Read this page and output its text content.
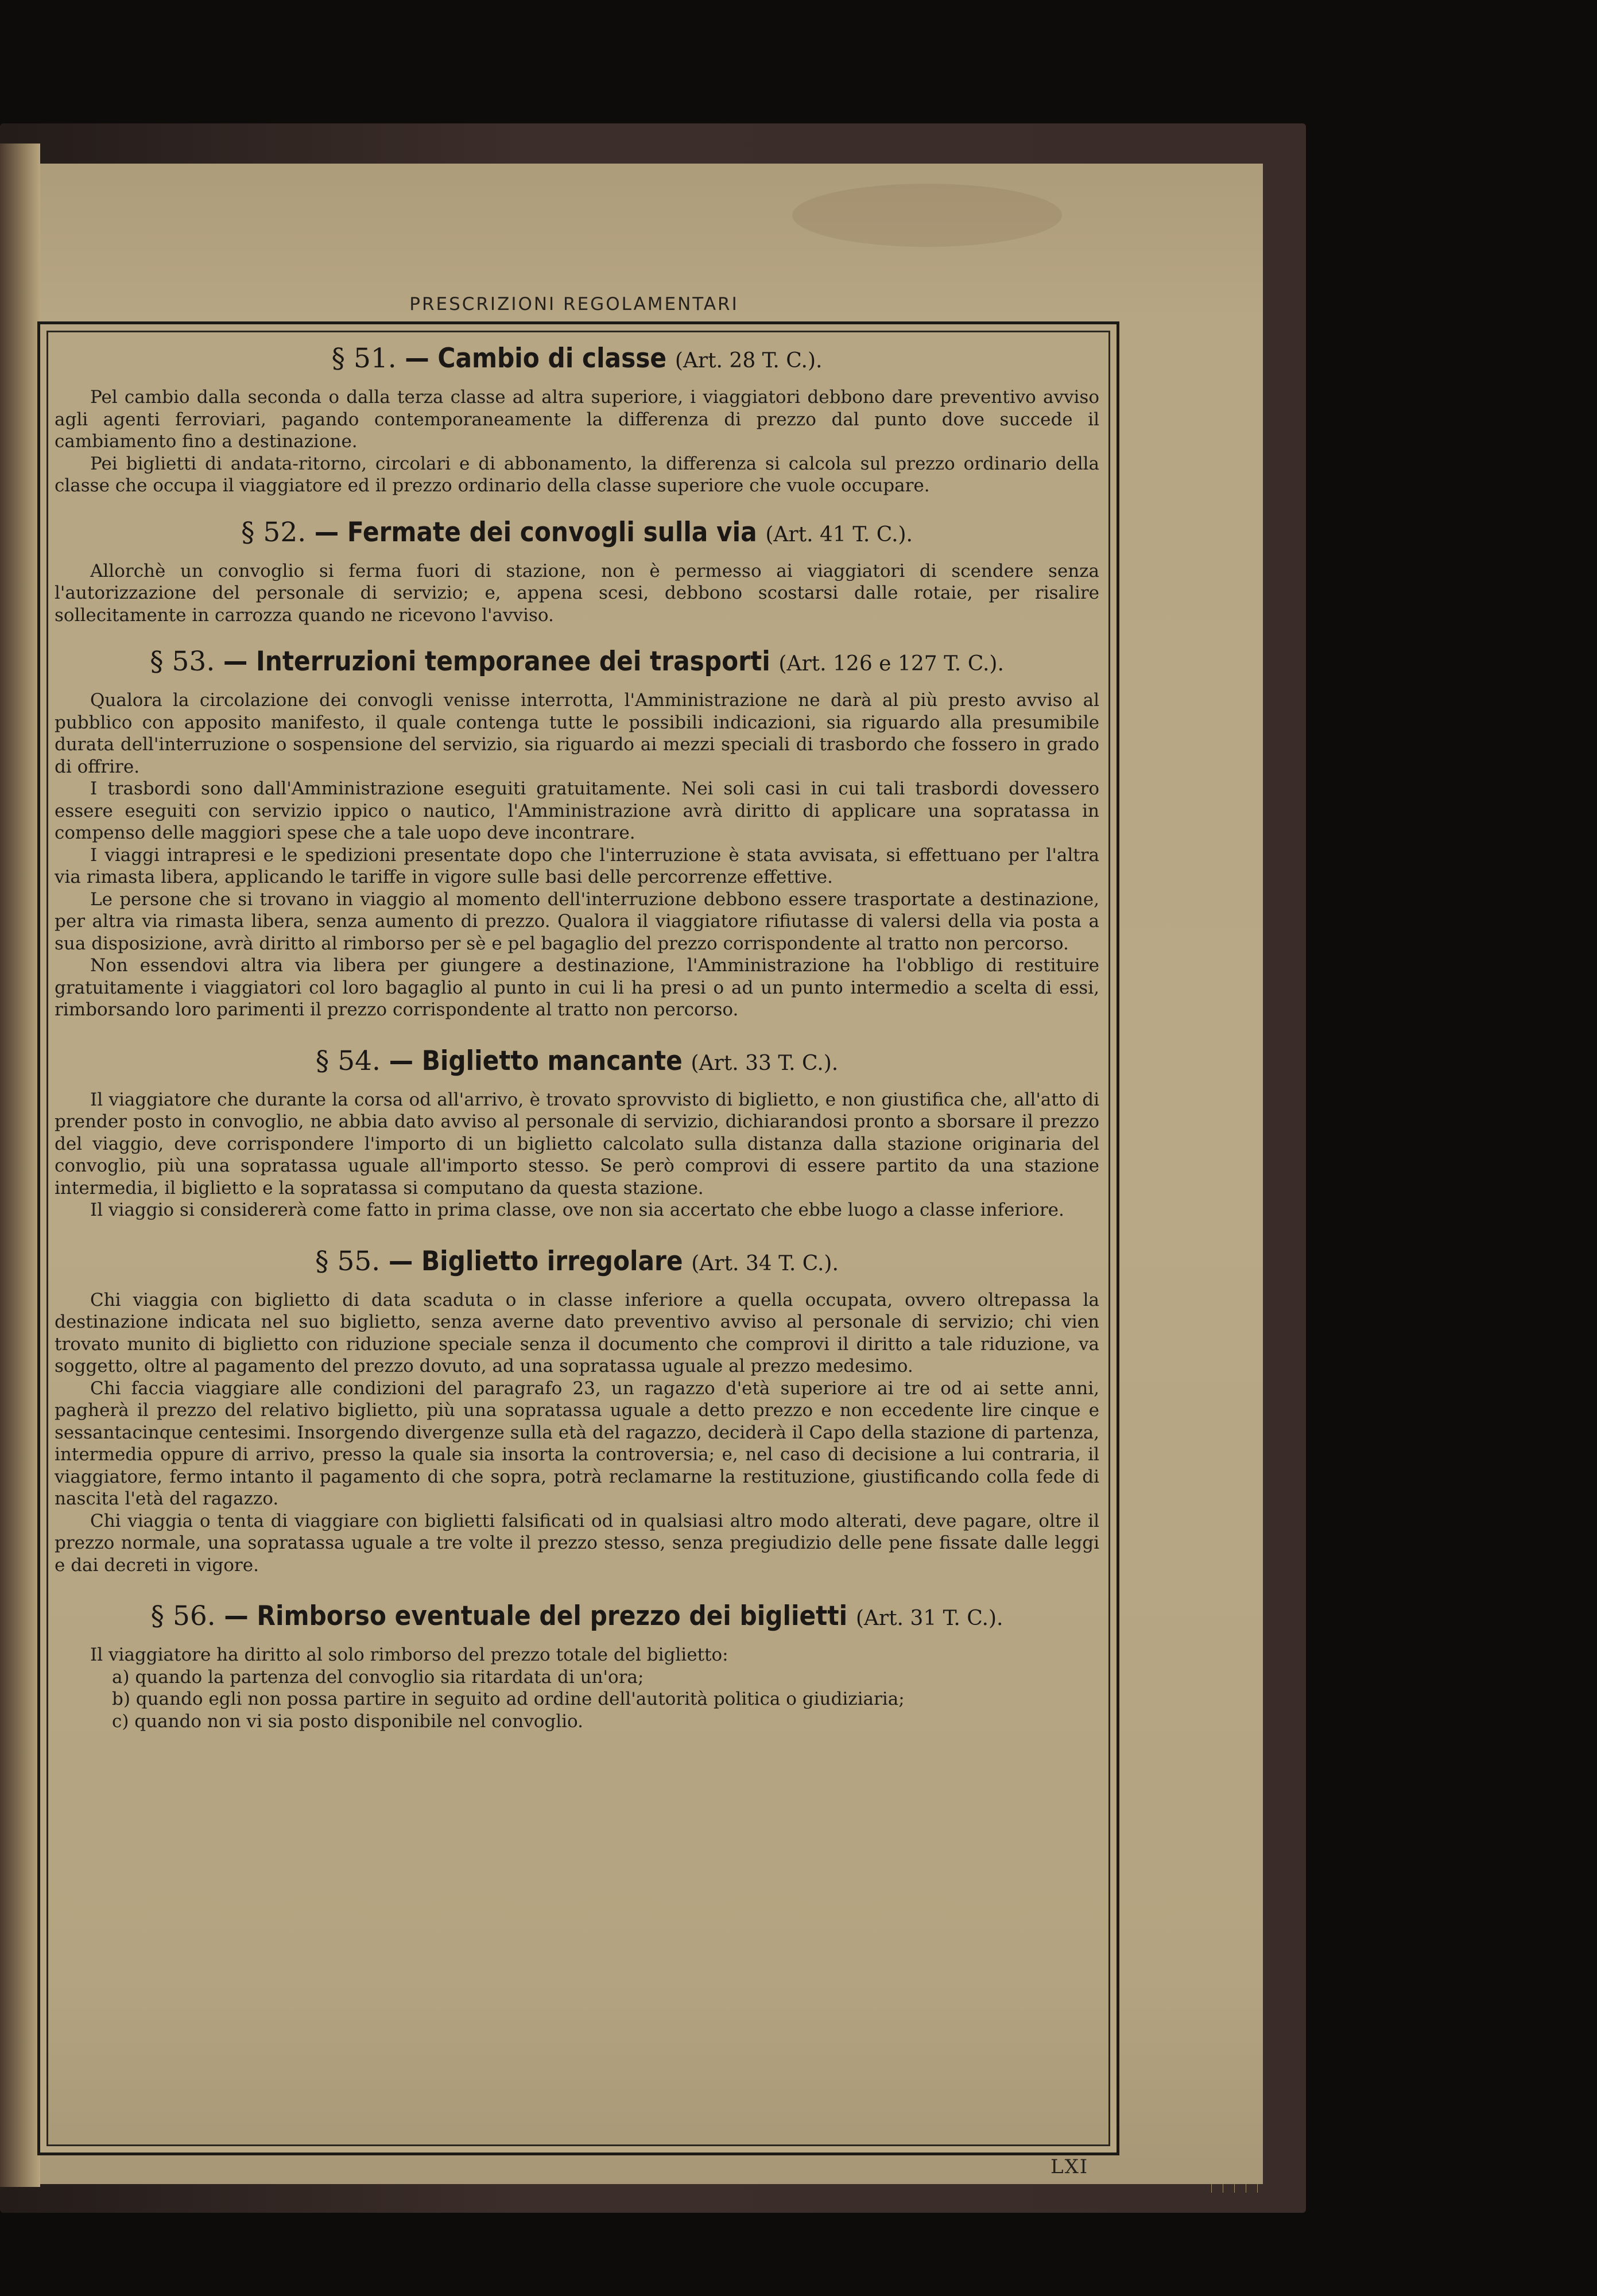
PRESCRIZIONI REGOLAMENTARI
§ 51. — Cambio di classe (Art. 28 T. C.).

Pel cambio dalla seconda o dalla terza classe ad altra superiore, i viaggiatori debbono dare preventivo avviso agli agenti ferroviari, pagando contemporaneamente la differenza di prezzo dal punto dove succede il cambiamento fino a destinazione.

Pei biglietti di andata-ritorno, circolari e di abbonamento, la differenza si calcola sul prezzo ordinario della classe che occupa il viaggiatore ed il prezzo ordinario della classe superiore che vuole occupare.

§ 52. — Fermate dei convogli sulla via (Art. 41 T. C.).

Allorchè un convoglio si ferma fuori di stazione, non è permesso ai viaggiatori di scendere senza l'autorizzazione del personale di servizio; e, appena scesi, debbono scostarsi dalle rotaie, per risalire sollecitamente in carrozza quando ne ricevono l'avviso.

§ 53. — Interruzioni temporanee dei trasporti (Art. 126 e 127 T. C.).

Qualora la circolazione dei convogli venisse interrotta, l'Amministrazione ne darà al più presto avviso al pubblico con apposito manifesto, il quale contenga tutte le possibili indicazioni, sia riguardo alla presumibile durata dell'interruzione o sospensione del servizio, sia riguardo ai mezzi speciali di trasbordo che fossero in grado di offrire.

I trasbordi sono dall'Amministrazione eseguiti gratuitamente. Nei soli casi in cui tali trasbordi dovessero essere eseguiti con servizio ippico o nautico, l'Amministrazione avrà diritto di applicare una sopratassa in compenso delle maggiori spese che a tale uopo deve incontrare.

I viaggi intrapresi e le spedizioni presentate dopo che l'interruzione è stata avvisata, si effettuano per l'altra via rimasta libera, applicando le tariffe in vigore sulle basi delle percorrenze effettive.

Le persone che si trovano in viaggio al momento dell'interruzione debbono essere trasportate a destinazione, per altra via rimasta libera, senza aumento di prezzo. Qualora il viaggiatore rifiutasse di valersi della via posta a sua disposizione, avrà diritto al rimborso per sè e pel bagaglio del prezzo corrispondente al tratto non percorso.

Non essendovi altra via libera per giungere a destinazione, l'Amministrazione ha l'obbligo di restituire gratuitamente i viaggiatori col loro bagaglio al punto in cui li ha presi o ad un punto intermedio a scelta di essi, rimborsando loro parimenti il prezzo corrispondente al tratto non percorso.

§ 54. — Biglietto mancante (Art. 33 T. C.).

Il viaggiatore che durante la corsa od all'arrivo, è trovato sprovvisto di biglietto, e non giustifica che, all'atto di prender posto in convoglio, ne abbia dato avviso al personale di servizio, dichiarandosi pronto a sborsare il prezzo del viaggio, deve corrispondere l'importo di un biglietto calcolato sulla distanza dalla stazione originaria del convoglio, più una sopratassa uguale all'importo stesso. Se però comprovi di essere partito da una stazione intermedia, il biglietto e la sopratassa si computano da questa stazione.

Il viaggio si considererà come fatto in prima classe, ove non sia accertato che ebbe luogo a classe inferiore.

§ 55. — Biglietto irregolare (Art. 34 T. C.).

Chi viaggia con biglietto di data scaduta o in classe inferiore a quella occupata, ovvero oltrepassa la destinazione indicata nel suo biglietto, senza averne dato preventivo avviso al personale di servizio; chi vien trovato munito di biglietto con riduzione speciale senza il documento che comprovi il diritto a tale riduzione, va soggetto, oltre al pagamento del prezzo dovuto, ad una sopratassa uguale al prezzo medesimo.

Chi faccia viaggiare alle condizioni del paragrafo 23, un ragazzo d'età superiore ai tre od ai sette anni, pagherà il prezzo del relativo biglietto, più una sopratassa uguale a detto prezzo e non eccedente lire cinque e sessantacinque centesimi. Insorgendo divergenze sulla età del ragazzo, deciderà il Capo della stazione di partenza, intermedia oppure di arrivo, presso la quale sia insorta la controversia; e, nel caso di decisione a lui contraria, il viaggiatore, fermo intanto il pagamento di che sopra, potrà reclamarne la restituzione, giustificando colla fede di nascita l'età del ragazzo.

Chi viaggia o tenta di viaggiare con biglietti falsificati od in qualsiasi altro modo alterati, deve pagare, oltre il prezzo normale, una sopratassa uguale a tre volte il prezzo stesso, senza pregiudizio delle pene fissate dalle leggi e dai decreti in vigore.

§ 56. — Rimborso eventuale del prezzo dei biglietti (Art. 31 T. C.).

Il viaggiatore ha diritto al solo rimborso del prezzo totale del biglietto:

a) quando la partenza del convoglio sia ritardata di un'ora;

b) quando egli non possa partire in seguito ad ordine dell'autorità politica o giudiziaria;

c) quando non vi sia posto disponibile nel convoglio.

LXI
